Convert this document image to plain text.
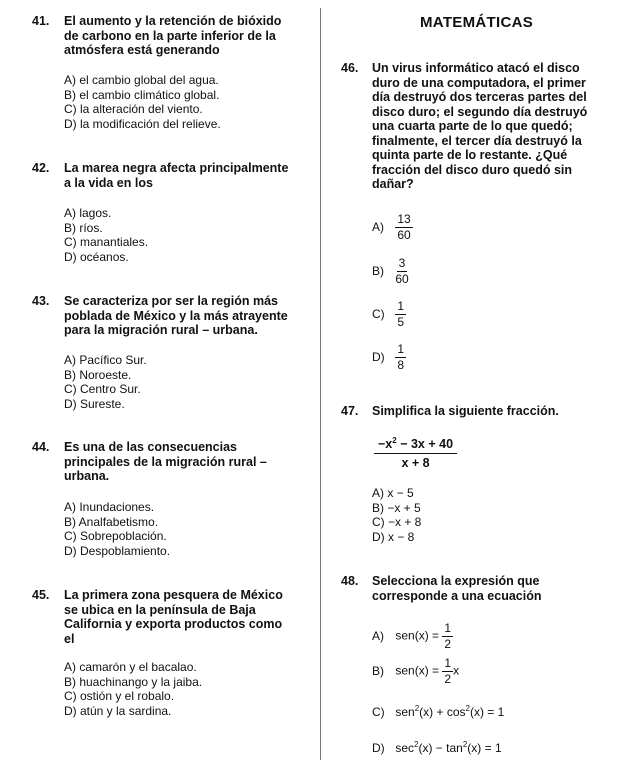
41. El aumento y la retención de bióxido
de carbono en la parte inferior de la
atmósfera está generando
A) el cambio global del agua.
B) el cambio climático global.
C) la alteración del viento.
D) la modificación del relieve.
42. La marea negra afecta principalmente
a la vida en los
A) lagos.
B) ríos.
C) manantiales.
D) océanos.
43. Se caracteriza por ser la región más
poblada de México y la más atrayente
para la migración rural – urbana.
A) Pacífico Sur.
B) Noroeste.
C) Centro Sur.
D) Sureste.
44. Es una de las consecuencias
principales de la migración rural –
urbana.
A) Inundaciones.
B) Analfabetismo.
C) Sobrepoblación.
D) Despoblamiento.
45. La primera zona pesquera de México
se ubica en la península de Baja
California y exporta productos como
el
A) camarón y el bacalao.
B) huachinango y la jaiba.
C) ostión y el robalo.
D) atún y la sardina.
MATEMÁTICAS
46. Un virus informático atacó el disco
duro de una computadora, el primer
día destruyó dos terceras partes del
disco duro; el segundo día destruyó
una cuarta parte de lo que quedó;
finalmente, el tercer día destruyó la
quinta parte de lo restante. ¿Qué
fracción del disco duro quedó sin
dañar?
$A) \frac{13}{60}$
$B) \frac{3}{60}$
$C) \frac{1}{5}$
$D) \frac{1}{8}$
47. Simplifica la siguiente fracción.
$\frac{-x^2 - 3x + 40}{x + 8}$
A) x − 5
B) −x + 5
C) −x + 8
D) x − 8
48. Selecciona la expresión que
corresponde a una ecuación
A) $sen(x) = \frac{1}{2}$
B) $sen(x) = \frac{1}{2}$ x
C) $sen^2(x) + \cos^2(x) = 1$
D) $\sec^2(x) - \tan^2(x) = 1$
